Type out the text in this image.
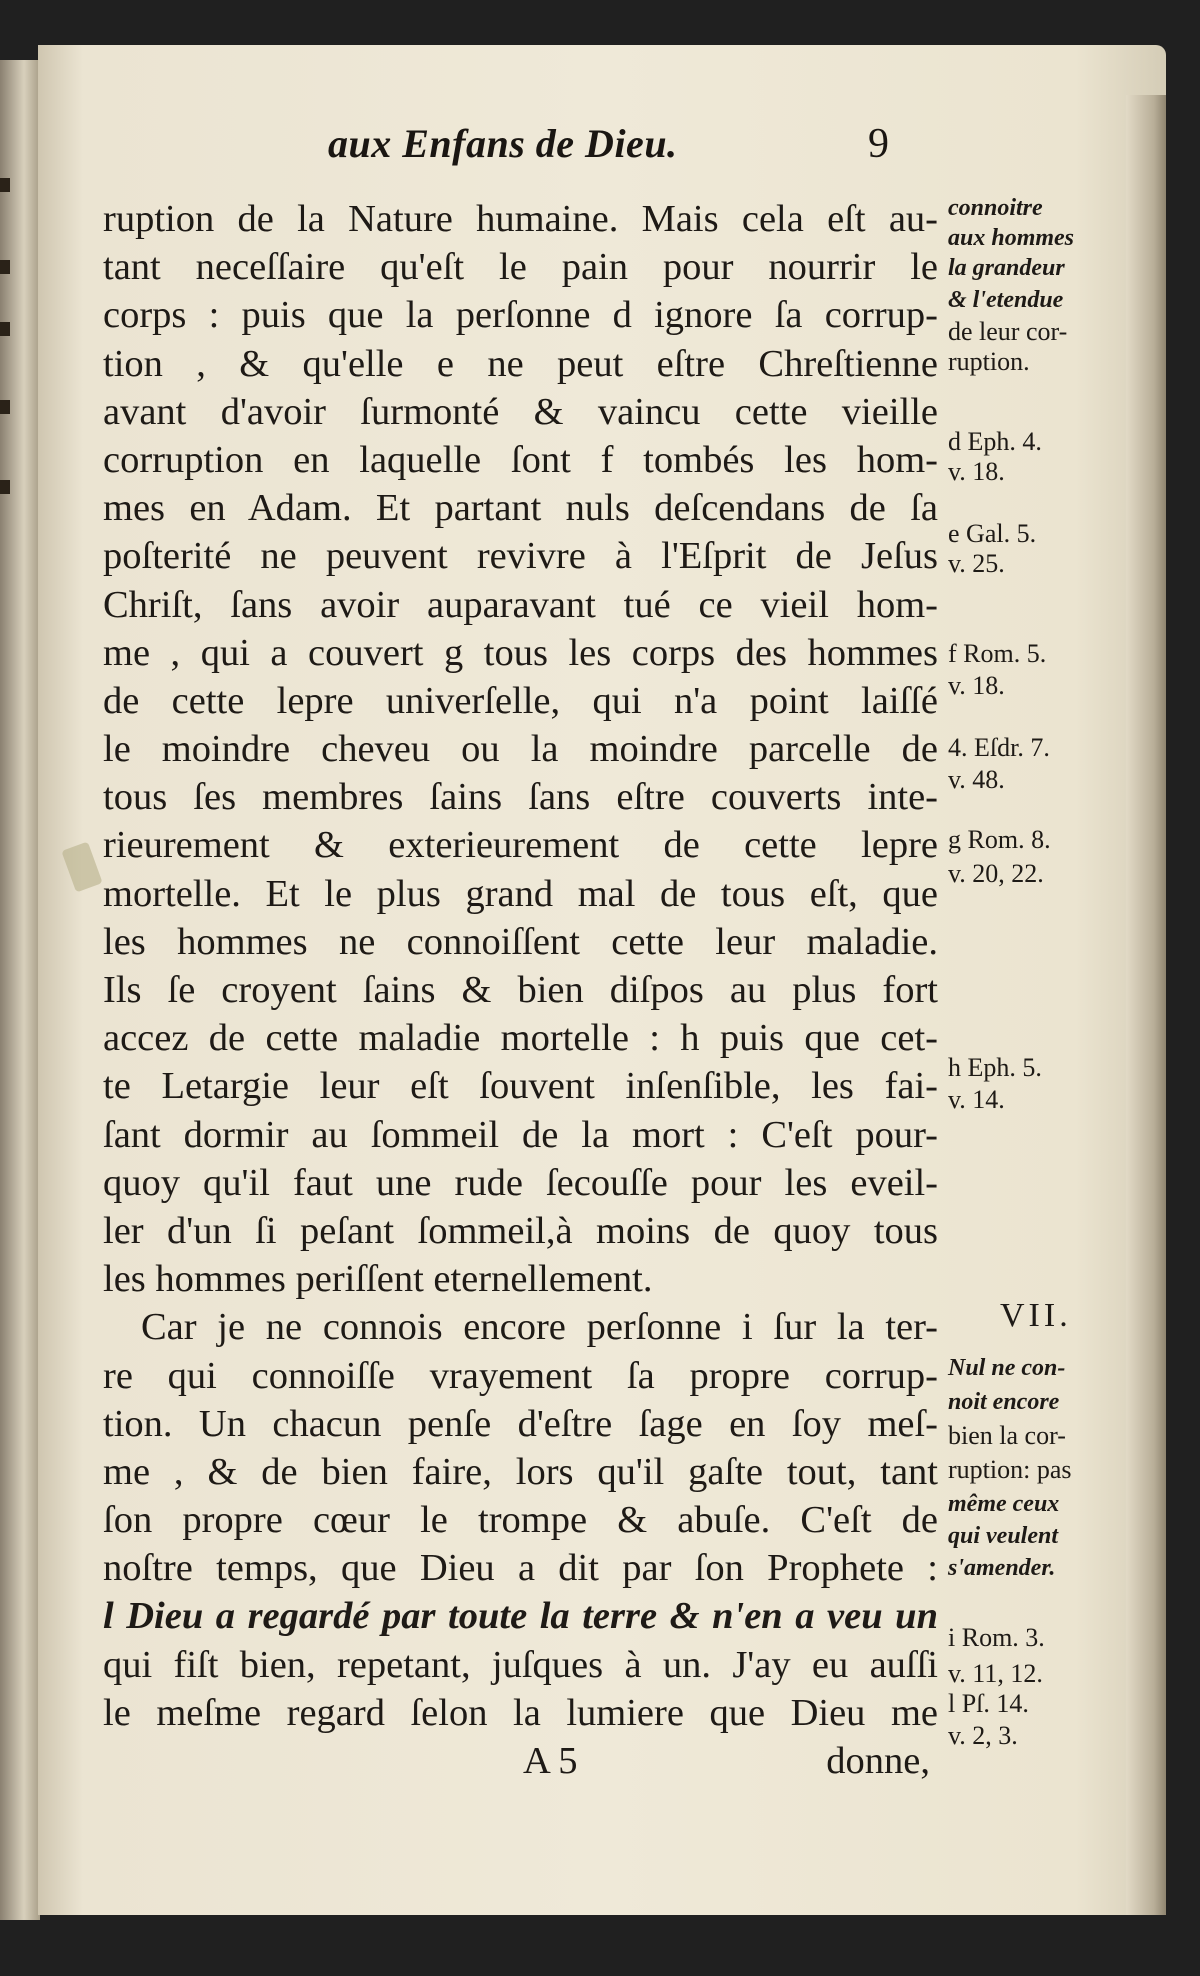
aux Enfans de Dieu.	9
ruption de la Nature humaine. Mais cela eſt au-
tant neceſſaire qu'eſt le pain pour nourrir le
corps : puis que la perſonne d ignore ſa corrup-
tion , & qu'elle e ne peut eſtre Chreſtienne
avant d'avoir ſurmonté & vaincu cette vieille
corruption en laquelle ſont f tombés les hom-
mes en Adam. Et partant nuls deſcendans de ſa
poſterité ne peuvent revivre à l'Eſprit de Jeſus
Chriſt, ſans avoir auparavant tué ce vieil hom-
me , qui a couvert g tous les corps des hommes
de cette lepre univerſelle, qui n'a point laiſſé
le moindre cheveu ou la moindre parcelle de
tous ſes membres ſains ſans eſtre couverts inte-
rieurement & exterieurement de cette lepre
mortelle. Et le plus grand mal de tous eſt, que
les hommes ne connoiſſent cette leur maladie.
Ils ſe croyent ſains & bien diſpos au plus fort
accez de cette maladie mortelle : h puis que cet-
te Letargie leur eſt ſouvent inſenſible, les fai-
ſant dormir au ſommeil de la mort : C'eſt pour-
quoy qu'il faut une rude ſecouſſe pour les eveil-
ler d'un ſi peſant ſommeil,à moins de quoy tous
les hommes periſſent eternellement.
Car je ne connois encore perſonne i ſur la ter-
re qui connoiſſe vrayement ſa propre corrup-
tion. Un chacun penſe d'eſtre ſage en ſoy meſ-
me , & de bien faire, lors qu'il gaſte tout, tant
ſon propre cœur le trompe & abuſe. C'eſt de
noſtre temps, que Dieu a dit par ſon Prophete :
l Dieu a regardé par toute la terre & n'en a veu un
qui fiſt bien, repetant, juſques à un. J'ay eu auſſi
le meſme regard ſelon la lumiere que Dieu me
A 5	donne,
connoitre
aux hommes
la grandeur
& l'etendue
de leur cor-
ruption.
d Eph. 4.
v. 18.
e Gal. 5.
v. 25.
f Rom. 5.
v. 18.
4. Eſdr. 7.
v. 48.
g Rom. 8.
v. 20, 22.
h Eph. 5.
v. 14.
VII.
Nul ne con-
noit encore
bien la cor-
ruption: pas
même ceux
qui veulent
s'amender.
i Rom. 3.
v. 11, 12.
l Pſ. 14.
v. 2, 3.
